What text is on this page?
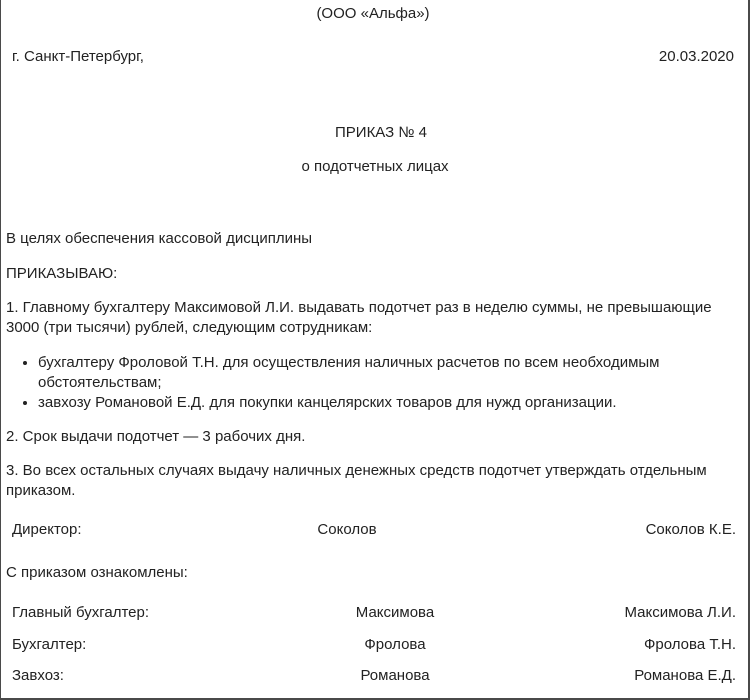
(ООО «Альфа»)
г. Санкт-Петербург,	20.03.2020
ПРИКАЗ № 4
о подотчетных лицах
В целях обеспечения кассовой дисциплины
ПРИКАЗЫВАЮ:
1. Главному бухгалтеру Максимовой Л.И. выдавать подотчет раз в неделю суммы, не превышающие 3000 (три тысячи) рублей, следующим сотрудникам:
• бухгалтеру Фроловой Т.Н. для осуществления наличных расчетов по всем необходимым обстоятельствам;
• завхозу Романовой Е.Д. для покупки канцелярских товаров для нужд организации.
2. Срок выдачи подотчет — 3 рабочих дня.
3. Во всех остальных случаях выдачу наличных денежных средств подотчет утверждать отдельным приказом.
Директор:	Соколов	Соколов К.Е.
С приказом ознакомлены:
Главный бухгалтер:	Максимова	Максимова Л.И.
Бухгалтер:	Фролова	Фролова Т.Н.
Завхоз:	Романова	Романова Е.Д.
